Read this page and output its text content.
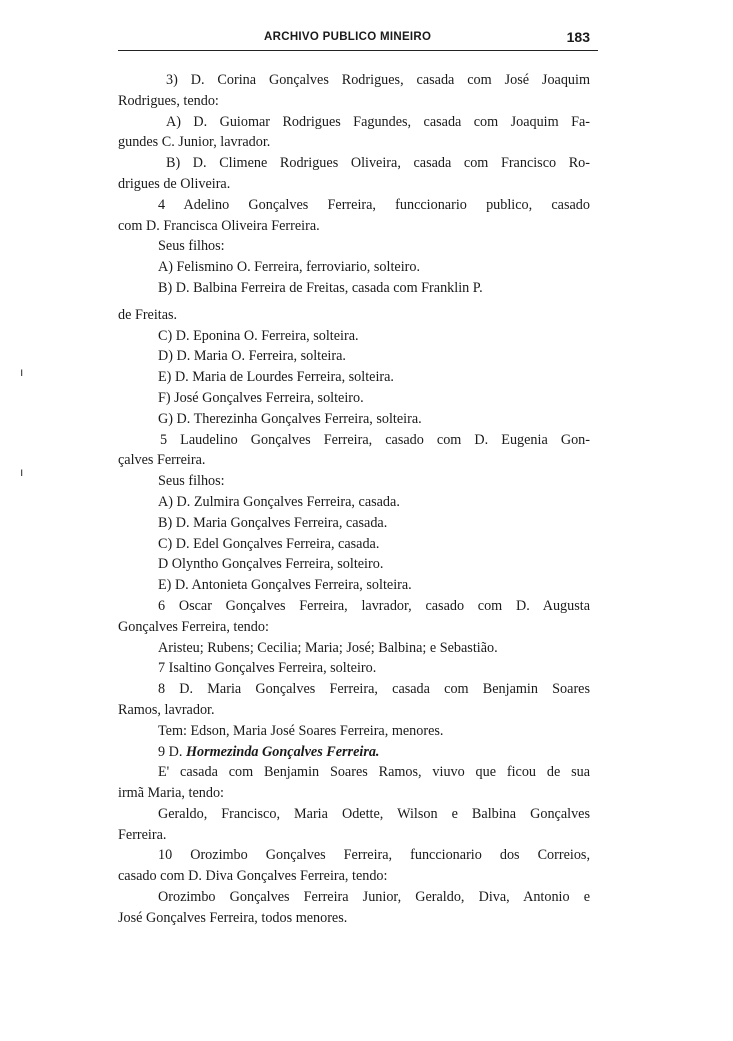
ARCHIVO PUBLICO MINEIRO	183
ı
ı

3) D. Corina Gonçalves Rodrigues, casada com José Joaquim

Rodrigues, tendo:

A) D. Guiomar Rodrigues Fagundes, casada com Joaquim Fa-

gundes C. Junior, lavrador.

B) D. Climene Rodrigues Oliveira, casada com Francisco Ro-

drigues de Oliveira.

4 Adelino Gonçalves Ferreira, funccionario publico, casado

com D. Francisca Oliveira Ferreira.

Seus filhos:

A) Felismino O. Ferreira, ferroviario, solteiro.

B) D. Balbina Ferreira de Freitas, casada com Franklin P.

de Freitas.

C) D. Eponina O. Ferreira, solteira.

D) D. Maria O. Ferreira, solteira.

E) D. Maria de Lourdes Ferreira, solteira.

F) José Gonçalves Ferreira, solteiro.

G) D. Therezinha Gonçalves Ferreira, solteira.

5 Laudelino Gonçalves Ferreira, casado com D. Eugenia Gon-

çalves Ferreira.

Seus filhos:

A) D. Zulmira Gonçalves Ferreira, casada.

B) D. Maria Gonçalves Ferreira, casada.

C) D. Edel Gonçalves Ferreira, casada.

D Olyntho Gonçalves Ferreira, solteiro.

E) D. Antonieta Gonçalves Ferreira, solteira.

6 Oscar Gonçalves Ferreira, lavrador, casado com D. Augusta

Gonçalves Ferreira, tendo:

Aristeu; Rubens; Cecilia; Maria; José; Balbina; e Sebastião.

7 Isaltino Gonçalves Ferreira, solteiro.

8 D. Maria Gonçalves Ferreira, casada com Benjamin Soares

Ramos, lavrador.

Tem: Edson, Maria José Soares Ferreira, menores.

9 D. Hormezinda Gonçalves Ferreira.

E' casada com Benjamin Soares Ramos, viuvo que ficou de sua

irmã Maria, tendo:

Geraldo, Francisco, Maria Odette, Wilson e Balbina Gonçalves

Ferreira.

10 Orozimbo Gonçalves Ferreira, funccionario dos Correios,

casado com D. Diva Gonçalves Ferreira, tendo:

Orozimbo Gonçalves Ferreira Junior, Geraldo, Diva, Antonio e

José Gonçalves Ferreira, todos menores.
